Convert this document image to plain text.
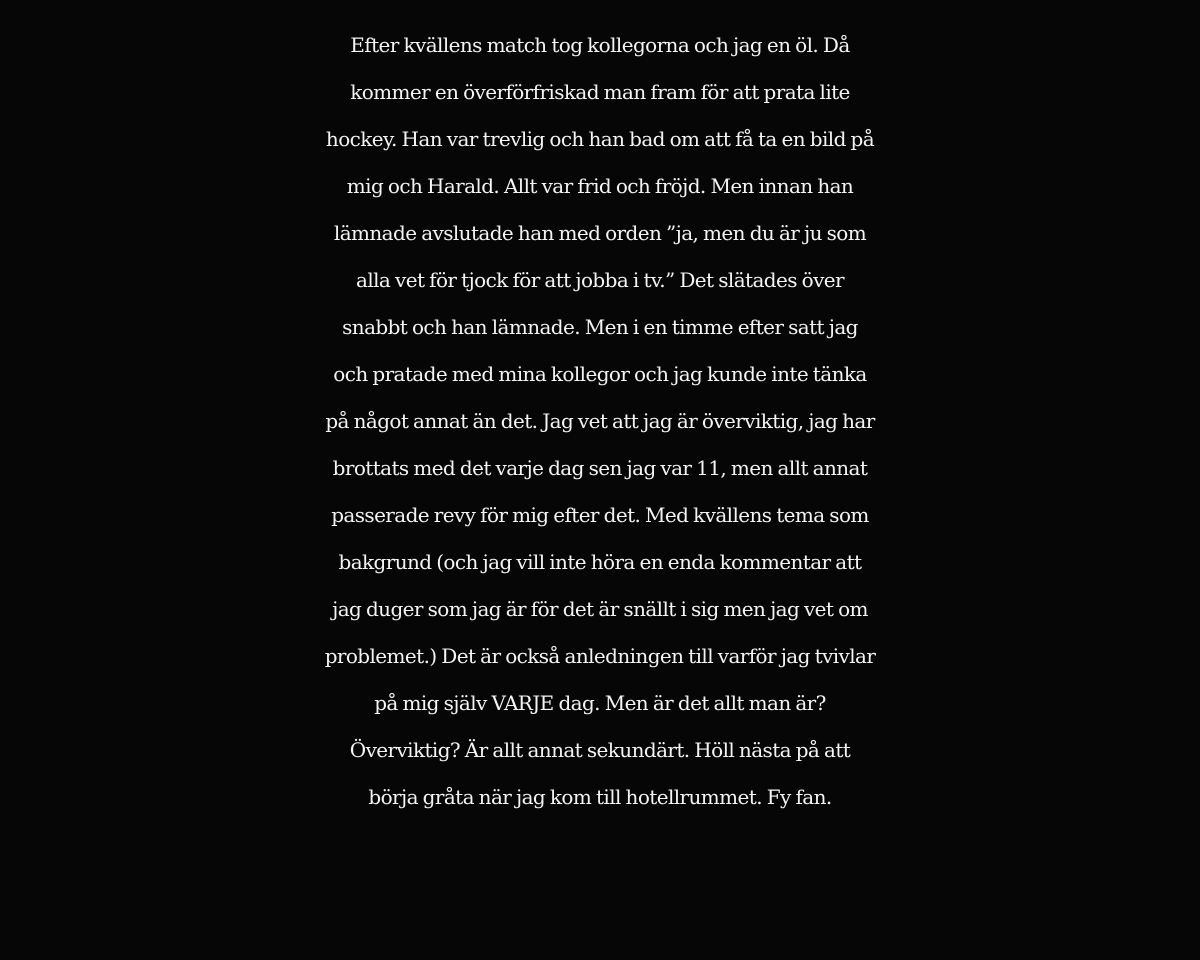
Efter kvällens match tog kollegorna och jag en öl. Då
kommer en överförfriskad man fram för att prata lite
hockey. Han var trevlig och han bad om att få ta en bild på
mig och Harald. Allt var frid och fröjd. Men innan han
lämnade avslutade han med orden ”ja, men du är ju som
alla vet för tjock för att jobba i tv.” Det slätades över
snabbt och han lämnade. Men i en timme efter satt jag
och pratade med mina kollegor och jag kunde inte tänka
på något annat än det. Jag vet att jag är överviktig, jag har
brottats med det varje dag sen jag var 11, men allt annat
passerade revy för mig efter det. Med kvällens tema som
bakgrund (och jag vill inte höra en enda kommentar att
jag duger som jag är för det är snällt i sig men jag vet om
problemet.) Det är också anledningen till varför jag tvivlar
på mig själv VARJE dag. Men är det allt man är?
Överviktig? Är allt annat sekundärt. Höll nästa på att
börja gråta när jag kom till hotellrummet. Fy fan.
